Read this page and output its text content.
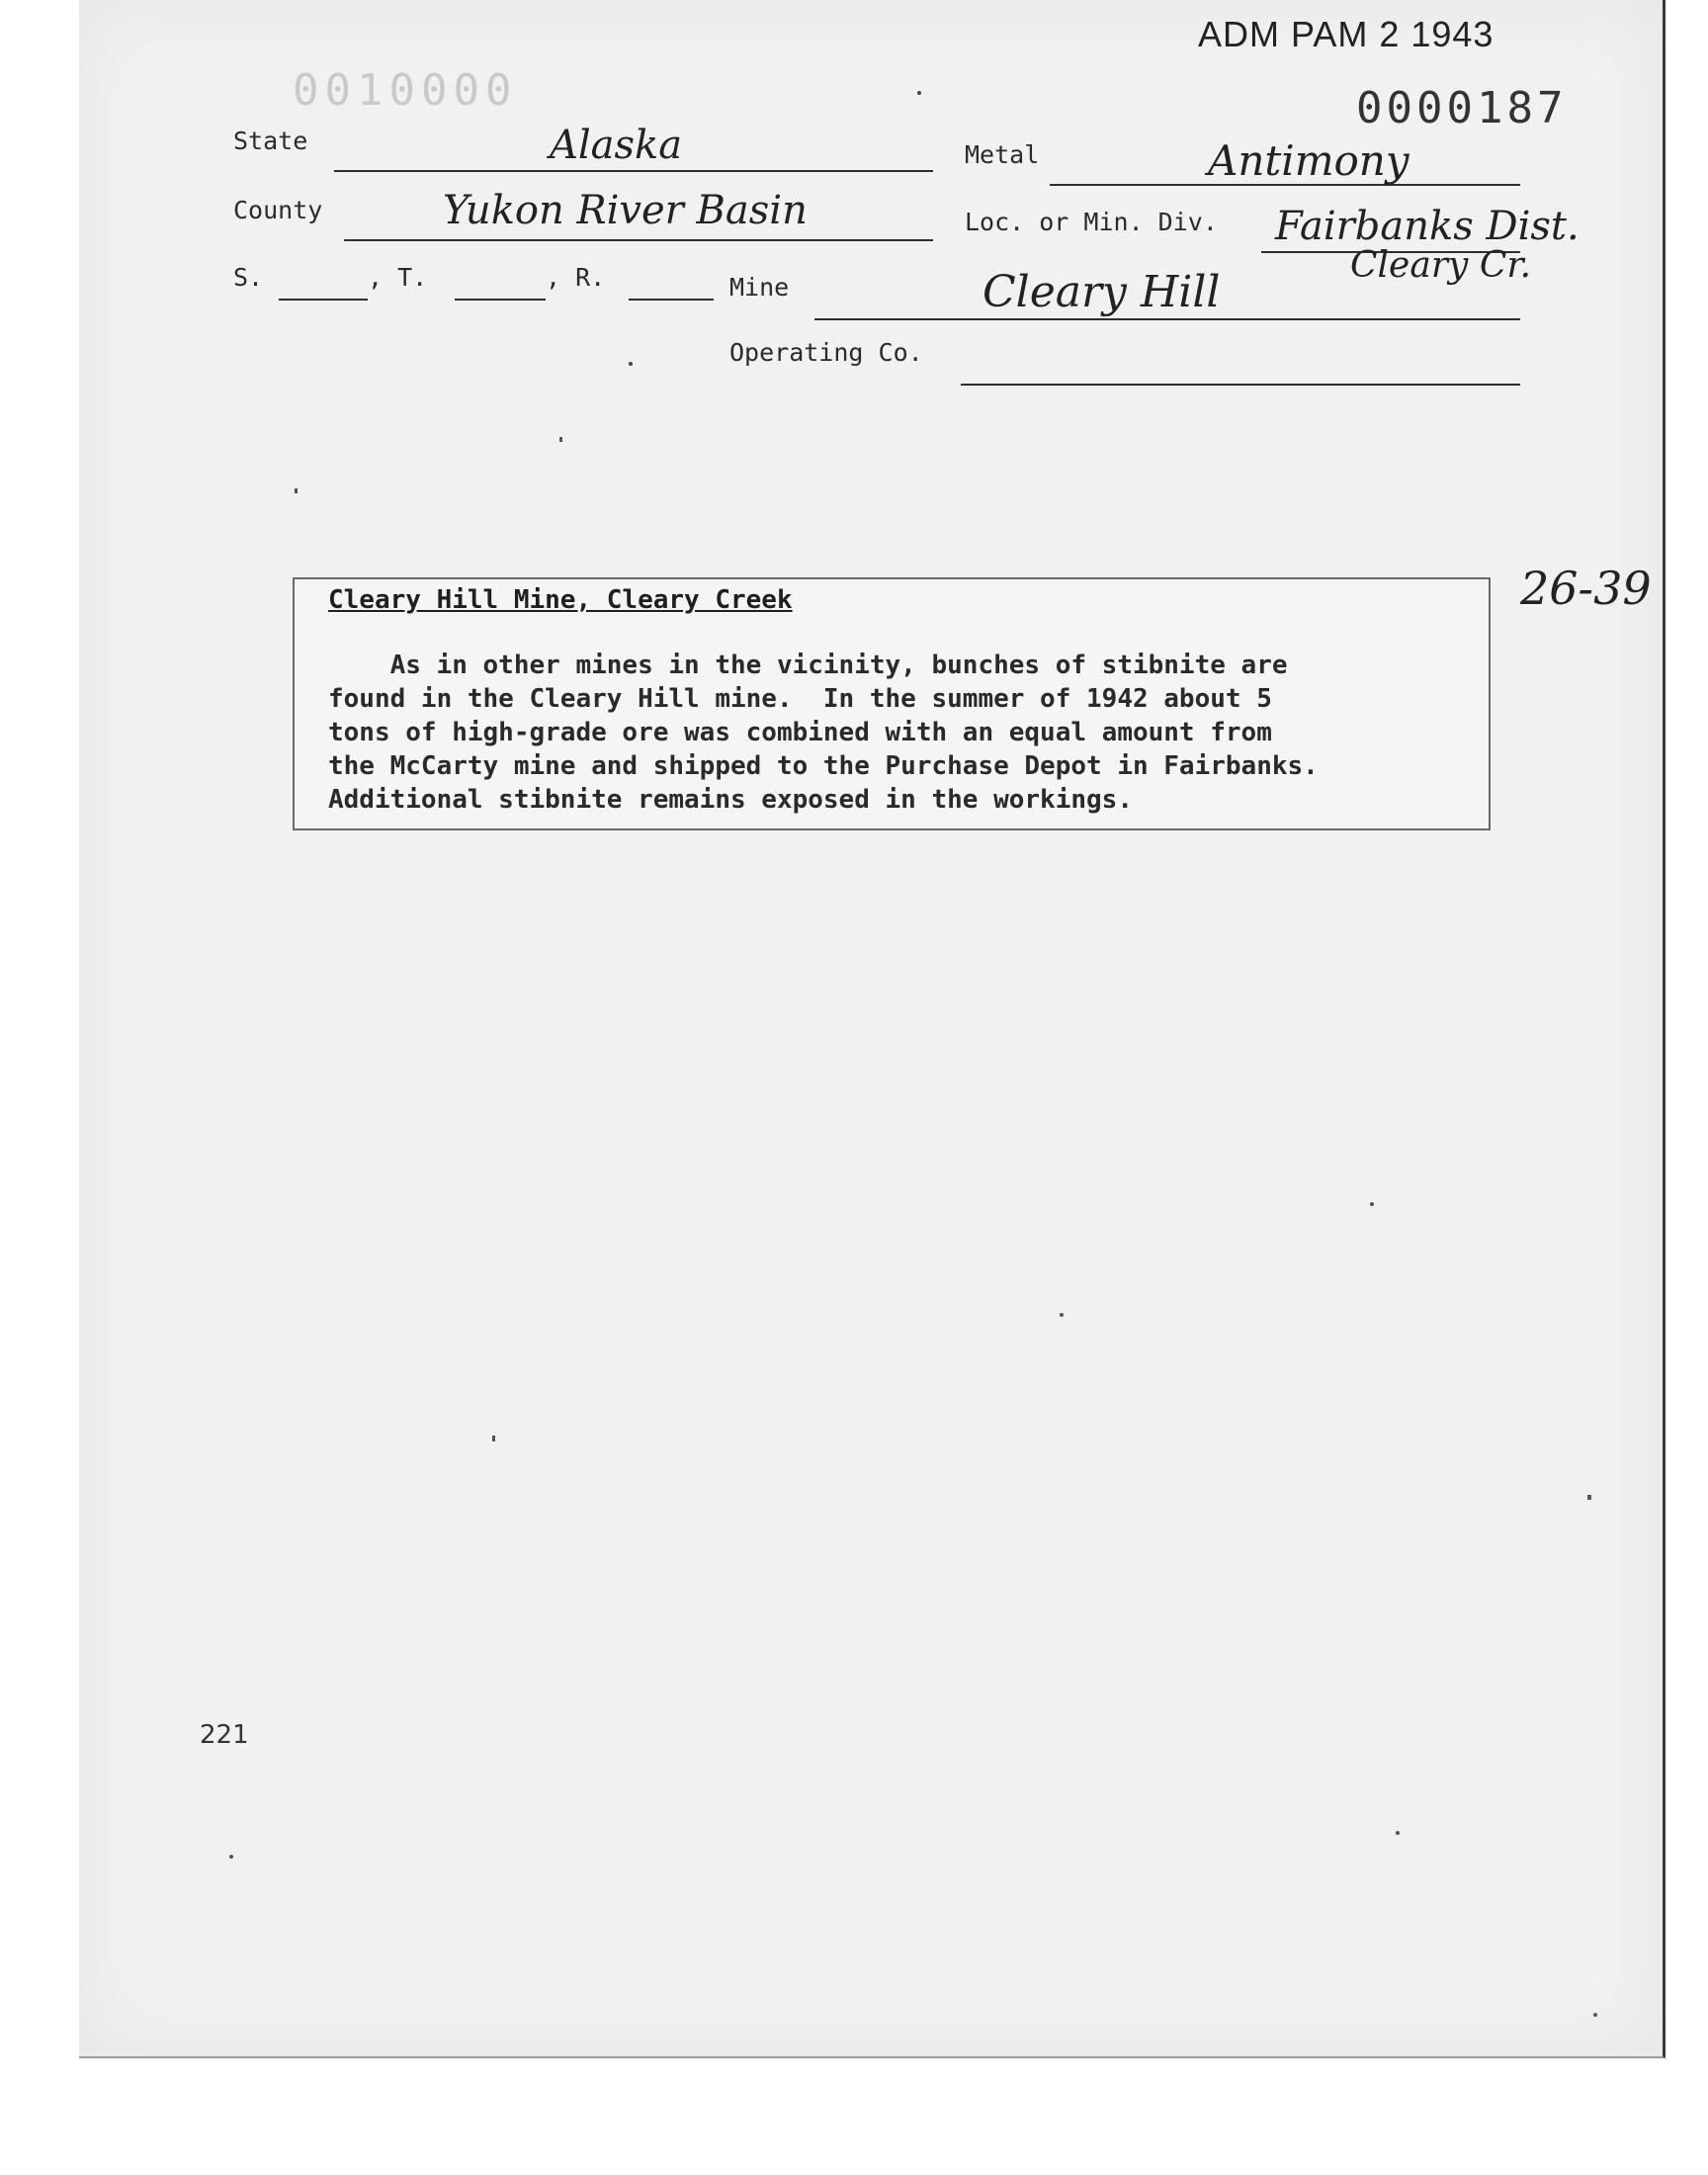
ADM PAM 2 1943
0010000	0000187
State	Alaska	Metal	Antimony
County	Yukon River Basin	Loc. or Min. Div. Fairbanks Dist.
Cleary Cr.
S.	, T.	, R.	Mine	Cleary Hill
Operating Co.
26-39
Cleary Hill Mine, Cleary Creek
As in other mines in the vicinity, bunches of stibnite are
found in the Cleary Hill mine.  In the summer of 1942 about 5
tons of high-grade ore was combined with an equal amount from
the McCarty mine and shipped to the Purchase Depot in Fairbanks.
Additional stibnite remains exposed in the workings.
221
